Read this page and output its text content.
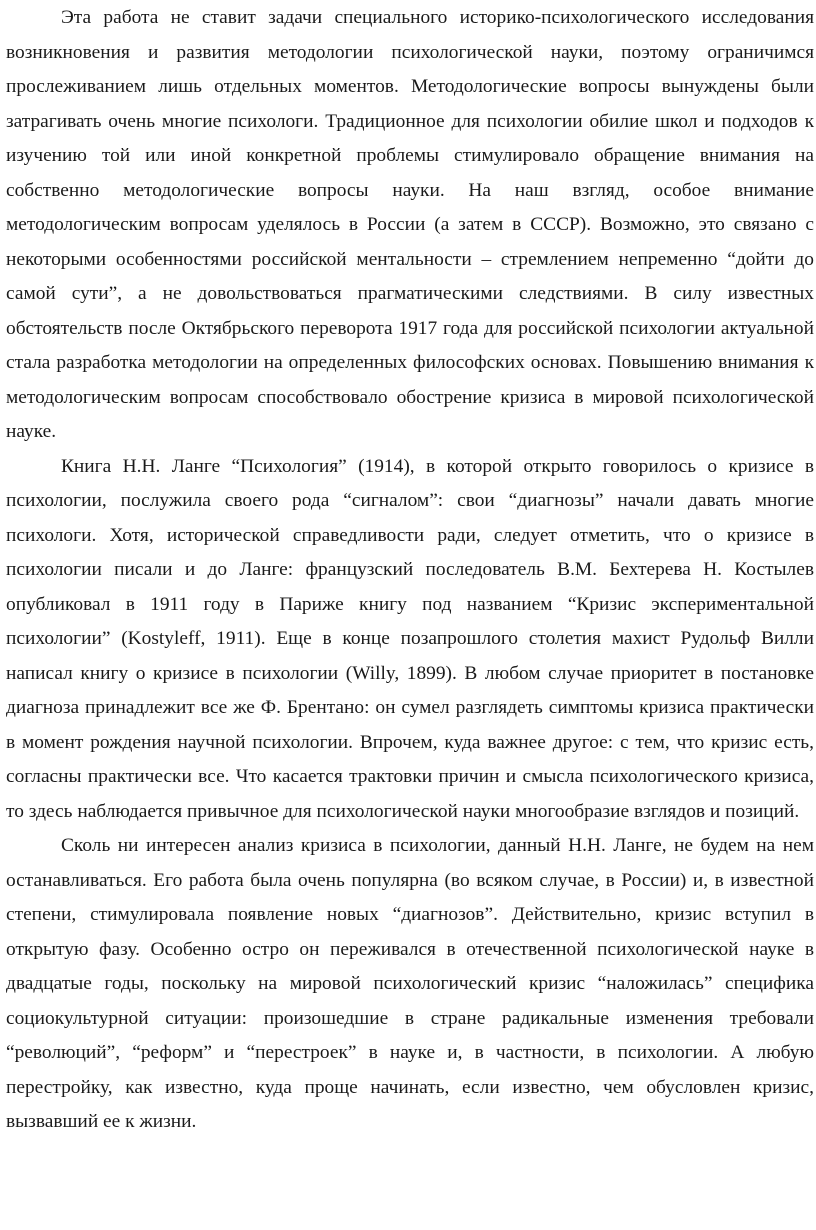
Эта работа не ставит задачи специального историко-психологического исследования возникновения и развития методологии психологической науки, поэтому ограничимся прослеживанием лишь отдельных моментов. Методологические вопросы вынуждены были затрагивать очень многие психологи. Традиционное для психологии обилие школ и подходов к изучению той или иной конкретной проблемы стимулировало обращение внимания на собственно методологические вопросы науки. На наш взгляд, особое внимание методологическим вопросам уделялось в России (а затем в СССР). Возможно, это связано с некоторыми особенностями российской ментальности – стремлением непременно “дойти до самой сути”, а не довольствоваться прагматическими следствиями. В силу известных обстоятельств после Октябрьского переворота 1917 года для российской психологии актуальной стала разработка методологии на определенных философских основах. Повышению внимания к методологическим вопросам способствовало обострение кризиса в мировой психологической науке.

Книга Н.Н. Ланге “Психология” (1914), в которой открыто говорилось о кризисе в психологии, послужила своего рода “сигналом”: свои “диагнозы” начали давать многие психологи. Хотя, исторической справедливости ради, следует отметить, что о кризисе в психологии писали и до Ланге: французский последователь В.М. Бехтерева Н. Костылев опубликовал в 1911 году в Париже книгу под названием “Кризис экспериментальной психологии” (Kostyleff, 1911). Еще в конце позапрошлого столетия махист Рудольф Вилли написал книгу о кризисе в психологии (Willy, 1899). В любом случае приоритет в постановке диагноза принадлежит все же Ф. Брентано: он сумел разглядеть симптомы кризиса практически в момент рождения научной психологии. Впрочем, куда важнее другое: с тем, что кризис есть, согласны практически все. Что касается трактовки причин и смысла психологического кризиса, то здесь наблюдается привычное для психологической науки многообразие взглядов и позиций.

Сколь ни интересен анализ кризиса в психологии, данный Н.Н. Ланге, не будем на нем останавливаться. Его работа была очень популярна (во всяком случае, в России) и, в известной степени, стимулировала появление новых “диагнозов”. Действительно, кризис вступил в открытую фазу. Особенно остро он переживался в отечественной психологической науке в двадцатые годы, поскольку на мировой психологический кризис “наложилась” специфика социокультурной ситуации: произошедшие в стране радикальные изменения требовали “революций”, “реформ” и “перестроек” в науке и, в частности, в психологии. А любую перестройку, как известно, куда проще начинать, если известно, чем обусловлен кризис, вызвавший ее к жизни.
